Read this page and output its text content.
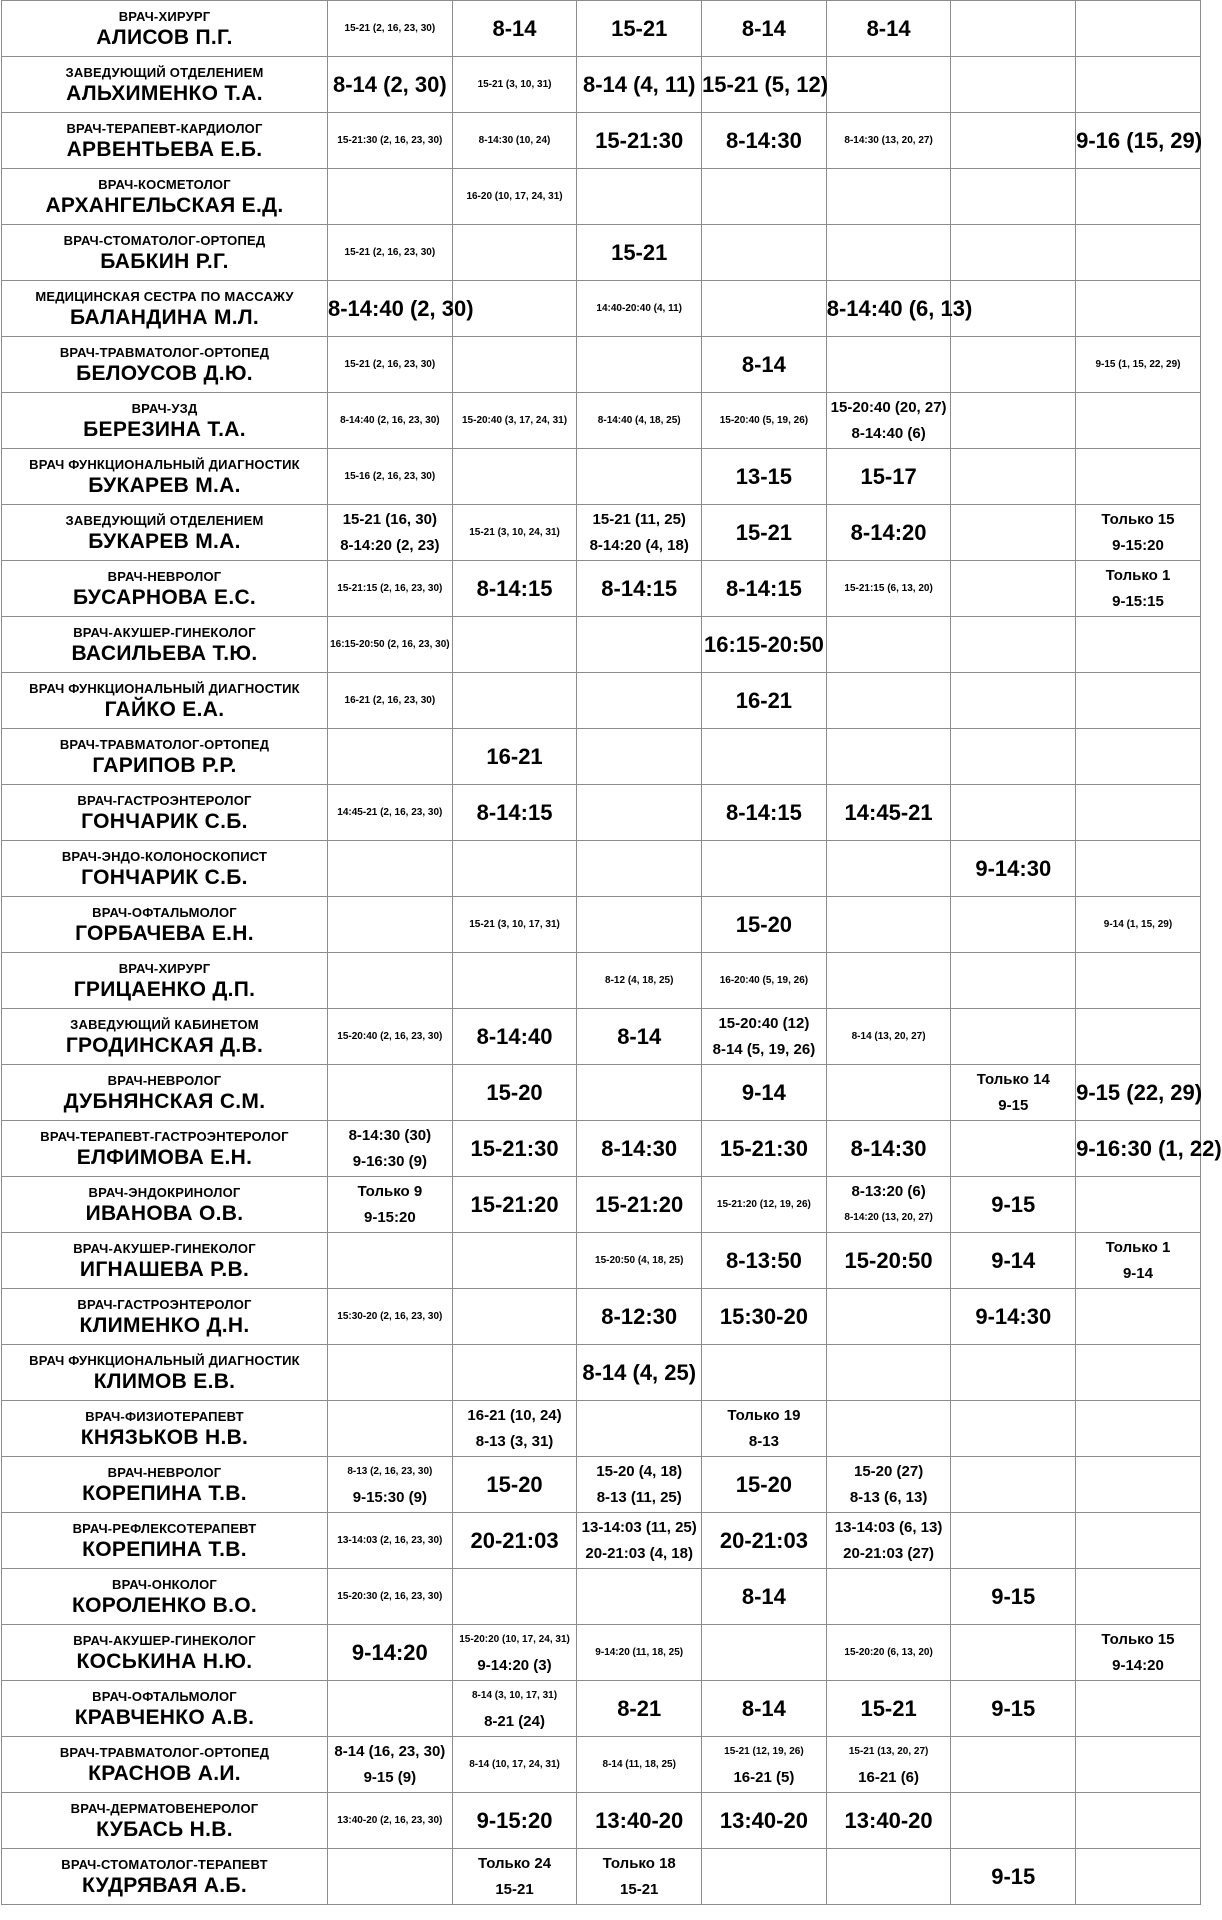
ВРАЧ-ХИРУРГ
АЛИСОВ П.Г.	15-21 (2, 16, 23, 30)	8-14	15-21	8-14	8-14		

ЗАВЕДУЮЩИЙ ОТДЕЛЕНИЕМ
АЛЬХИМЕНКО Т.А.	8-14 (2, 30)	15-21 (3, 10, 31)	8-14 (4, 11)	15-21 (5, 12)			

ВРАЧ-ТЕРАПЕВТ-КАРДИОЛОГ
АРВЕНТЬЕВА Е.Б.	15-21:30 (2, 16, 23, 30)	8-14:30 (10, 24)	15-21:30	8-14:30	8-14:30 (13, 20, 27)		9-16 (15, 29)

ВРАЧ-КОСМЕТОЛОГ
АРХАНГЕЛЬСКАЯ Е.Д.		16-20 (10, 17, 24, 31)					

ВРАЧ-СТОМАТОЛОГ-ОРТОПЕД
БАБКИН Р.Г.	15-21 (2, 16, 23, 30)		15-21				

МЕДИЦИНСКАЯ СЕСТРА ПО МАССАЖУ
БАЛАНДИНА М.Л.	8-14:40 (2, 30)		14:40-20:40 (4, 11)		8-14:40 (6, 13)		

ВРАЧ-ТРАВМАТОЛОГ-ОРТОПЕД
БЕЛОУСОВ Д.Ю.	15-21 (2, 16, 23, 30)			8-14			9-15 (1, 15, 22, 29)

ВРАЧ-УЗД
БЕРЕЗИНА Т.А.	8-14:40 (2, 16, 23, 30)	15-20:40 (3, 17, 24, 31)	8-14:40 (4, 18, 25)	15-20:40 (5, 19, 26)	15-20:40 (20, 27)
8-14:40 (6)		

ВРАЧ ФУНКЦИОНАЛЬНЫЙ ДИАГНОСТИК
БУКАРЕВ М.А.	15-16 (2, 16, 23, 30)			13-15	15-17		

ЗАВЕДУЮЩИЙ ОТДЕЛЕНИЕМ
БУКАРЕВ М.А.	15-21 (16, 30)
8-14:20 (2, 23)	15-21 (3, 10, 24, 31)	15-21 (11, 25)
8-14:20 (4, 18)	15-21	8-14:20		Только 15
9-15:20

ВРАЧ-НЕВРОЛОГ
БУСАРНОВА Е.С.	15-21:15 (2, 16, 23, 30)	8-14:15	8-14:15	8-14:15	15-21:15 (6, 13, 20)		Только 1
9-15:15

ВРАЧ-АКУШЕР-ГИНЕКОЛОГ
ВАСИЛЬЕВА Т.Ю.	16:15-20:50 (2, 16, 23, 30)			16:15-20:50			

ВРАЧ ФУНКЦИОНАЛЬНЫЙ ДИАГНОСТИК
ГАЙКО Е.А.	16-21 (2, 16, 23, 30)			16-21			

ВРАЧ-ТРАВМАТОЛОГ-ОРТОПЕД
ГАРИПОВ Р.Р.		16-21					

ВРАЧ-ГАСТРОЭНТЕРОЛОГ
ГОНЧАРИК С.Б.	14:45-21 (2, 16, 23, 30)	8-14:15		8-14:15	14:45-21		

ВРАЧ-ЭНДО-КОЛОНОСКОПИСТ
ГОНЧАРИК С.Б.						9-14:30	

ВРАЧ-ОФТАЛЬМОЛОГ
ГОРБАЧЕВА Е.Н.		15-21 (3, 10, 17, 31)		15-20			9-14 (1, 15, 29)

ВРАЧ-ХИРУРГ
ГРИЦАЕНКО Д.П.			8-12 (4, 18, 25)	16-20:40 (5, 19, 26)			

ЗАВЕДУЮЩИЙ КАБИНЕТОМ
ГРОДИНСКАЯ Д.В.	15-20:40 (2, 16, 23, 30)	8-14:40	8-14	15-20:40 (12)
8-14 (5, 19, 26)	8-14 (13, 20, 27)		

ВРАЧ-НЕВРОЛОГ
ДУБНЯНСКАЯ С.М.		15-20		9-14		Только 14
9-15	9-15 (22, 29)

ВРАЧ-ТЕРАПЕВТ-ГАСТРОЭНТЕРОЛОГ
ЕЛФИМОВА Е.Н.	8-14:30 (30)
9-16:30 (9)	15-21:30	8-14:30	15-21:30	8-14:30		9-16:30 (1, 22)

ВРАЧ-ЭНДОКРИНОЛОГ
ИВАНОВА О.В.	Только 9
9-15:20	15-21:20	15-21:20	15-21:20 (12, 19, 26)	8-13:20 (6)
8-14:20 (13, 20, 27)	9-15	

ВРАЧ-АКУШЕР-ГИНЕКОЛОГ
ИГНАШЕВА Р.В.			15-20:50 (4, 18, 25)	8-13:50	15-20:50	9-14	Только 1
9-14

ВРАЧ-ГАСТРОЭНТЕРОЛОГ
КЛИМЕНКО Д.Н.	15:30-20 (2, 16, 23, 30)		8-12:30	15:30-20		9-14:30	

ВРАЧ ФУНКЦИОНАЛЬНЫЙ ДИАГНОСТИК
КЛИМОВ Е.В.			8-14 (4, 25)				

ВРАЧ-ФИЗИОТЕРАПЕВТ
КНЯЗЬКОВ Н.В.		16-21 (10, 24)
8-13 (3, 31)		Только 19
8-13			

ВРАЧ-НЕВРОЛОГ
КОРЕПИНА Т.В.	8-13 (2, 16, 23, 30)
9-15:30 (9)	15-20	15-20 (4, 18)
8-13 (11, 25)	15-20	15-20 (27)
8-13 (6, 13)		

ВРАЧ-РЕФЛЕКСОТЕРАПЕВТ
КОРЕПИНА Т.В.	13-14:03 (2, 16, 23, 30)	20-21:03	13-14:03 (11, 25)
20-21:03 (4, 18)	20-21:03	13-14:03 (6, 13)
20-21:03 (27)		

ВРАЧ-ОНКОЛОГ
КОРОЛЕНКО В.О.	15-20:30 (2, 16, 23, 30)			8-14		9-15	

ВРАЧ-АКУШЕР-ГИНЕКОЛОГ
КОСЬКИНА Н.Ю.	9-14:20	15-20:20 (10, 17, 24, 31)
9-14:20 (3)	9-14:20 (11, 18, 25)		15-20:20 (6, 13, 20)		Только 15
9-14:20

ВРАЧ-ОФТАЛЬМОЛОГ
КРАВЧЕНКО А.В.		8-14 (3, 10, 17, 31)
8-21 (24)	8-21	8-14	15-21	9-15	

ВРАЧ-ТРАВМАТОЛОГ-ОРТОПЕД
КРАСНОВ А.И.	8-14 (16, 23, 30)
9-15 (9)	8-14 (10, 17, 24, 31)	8-14 (11, 18, 25)	15-21 (12, 19, 26)
16-21 (5)	15-21 (13, 20, 27)
16-21 (6)		

ВРАЧ-ДЕРМАТОВЕНЕРОЛОГ
КУБАСЬ Н.В.	13:40-20 (2, 16, 23, 30)	9-15:20	13:40-20	13:40-20	13:40-20		

ВРАЧ-СТОМАТОЛОГ-ТЕРАПЕВТ
КУДРЯВАЯ А.Б.		Только 24
15-21	Только 18
15-21			9-15	
